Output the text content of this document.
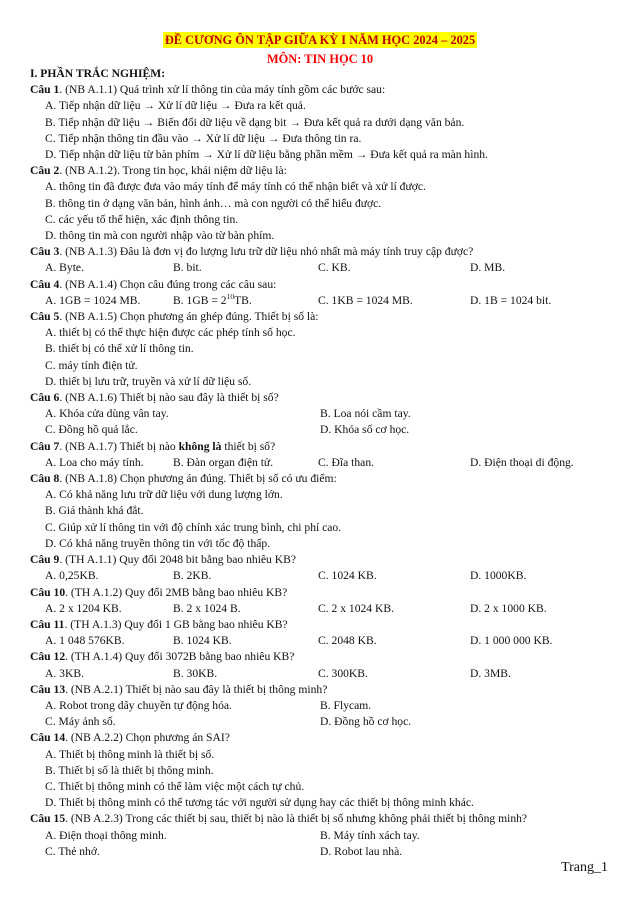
ĐỀ CƯƠNG ÔN TẬP GIỮA KỲ I NĂM HỌC 2024 – 2025
MÔN: TIN HỌC 10
I. PHẦN TRẮC NGHIỆM:
Câu 1. (NB A.1.1) Quá trình xử lí thông tin của máy tính gồm các bước sau:
A. Tiếp nhận dữ liệu → Xử lí dữ liệu → Đưa ra kết quả.
B. Tiếp nhận dữ liệu → Biến đổi dữ liệu về dạng bit → Đưa kết quả ra dưới dạng văn bản.
C. Tiếp nhận thông tin đầu vào → Xử lí dữ liệu → Đưa thông tin ra.
D. Tiếp nhận dữ liệu từ bàn phím → Xử lí dữ liệu bằng phần mềm → Đưa kết quả ra màn hình.
Câu 2. (NB A.1.2). Trong tin học, khái niệm dữ liệu là:
A. thông tin đã được đưa vào máy tính để máy tính có thể nhận biết và xử lí được.
B. thông tin ở dạng văn bản, hình ảnh… mà con người có thể hiểu được.
C. các yếu tố thể hiện, xác định thông tin.
D. thông tin mà con người nhập vào từ bàn phím.
Câu 3. (NB A.1.3) Đâu là đơn vị đo lượng lưu trữ dữ liệu nhỏ nhất mà máy tính truy cập được?
A. Byte.	B. bit.	C. KB.	D. MB.
Câu 4. (NB A.1.4) Chọn câu đúng trong các câu sau:
A. 1GB = 1024 MB.	B. $1GB = 2^{10}TB$.	C. 1KB = 1024 MB.	D. 1B = 1024 bit.
Câu 5. (NB A.1.5) Chọn phương án ghép đúng. Thiết bị số là:
A. thiết bị có thể thực hiện được các phép tính số học.
B. thiết bị có thể xử lí thông tin.
C. máy tính điện tử.
D. thiết bị lưu trữ, truyền và xử lí dữ liệu số.
Câu 6. (NB A.1.6) Thiết bị nào sau đây là thiết bị số?
A. Khóa cửa dùng vân tay.	B. Loa nói cầm tay.
C. Đồng hồ quả lắc.	D. Khóa số cơ học.
Câu 7. (NB A.1.7) Thiết bị nào không là thiết bị số?
A. Loa cho máy tính.	B. Đàn organ điện tử.	C. Đĩa than.	D. Điện thoại di động.
Câu 8. (NB A.1.8) Chọn phương án đúng. Thiết bị số có ưu điểm:
A. Có khả năng lưu trữ dữ liệu với dung lượng lớn.
B. Giá thành khá đắt.
C. Giúp xử lí thông tin với độ chính xác trung bình, chi phí cao.
D. Có khả năng truyền thông tin với tốc độ thấp.
Câu 9. (TH A.1.1) Quy đổi 2048 bit bằng bao nhiêu KB?
A. 0,25KB.	B. 2KB.	C. 1024 KB.	D. 1000KB.
Câu 10. (TH A.1.2) Quy đổi 2MB bằng bao nhiêu KB?
A. 2 x 1204 KB.	B. 2 x 1024 B.	C. 2 x 1024 KB.	D. 2 x 1000 KB.
Câu 11. (TH A.1.3) Quy đổi 1 GB bằng bao nhiêu KB?
A. 1 048 576KB.	B. 1024 KB.	C. 2048 KB.	D. 1 000 000 KB.
Câu 12. (TH A.1.4) Quy đổi 3072B bằng bao nhiêu KB?
A. 3KB.	B. 30KB.	C. 300KB.	D. 3MB.
Câu 13. (NB A.2.1) Thiết bị nào sau đây là thiết bị thông minh?
A. Robot trong dây chuyền tự động hóa.	B. Flycam.
C. Máy ảnh số.	D. Đồng hồ cơ học.
Câu 14. (NB A.2.2) Chọn phương án SAI?
A. Thiết bị thông minh là thiết bị số.
B. Thiết bị số là thiết bị thông minh.
C. Thiết bị thông minh có thể làm việc một cách tự chủ.
D. Thiết bị thông minh có thể tương tác với người sử dụng hay các thiết bị thông minh khác.
Câu 15. (NB A.2.3) Trong các thiết bị sau, thiết bị nào là thiết bị số nhưng không phải thiết bị thông minh?
A. Điện thoại thông minh.	B. Máy tính xách tay.
C. Thẻ nhớ.	D. Robot lau nhà.
Trang_1
